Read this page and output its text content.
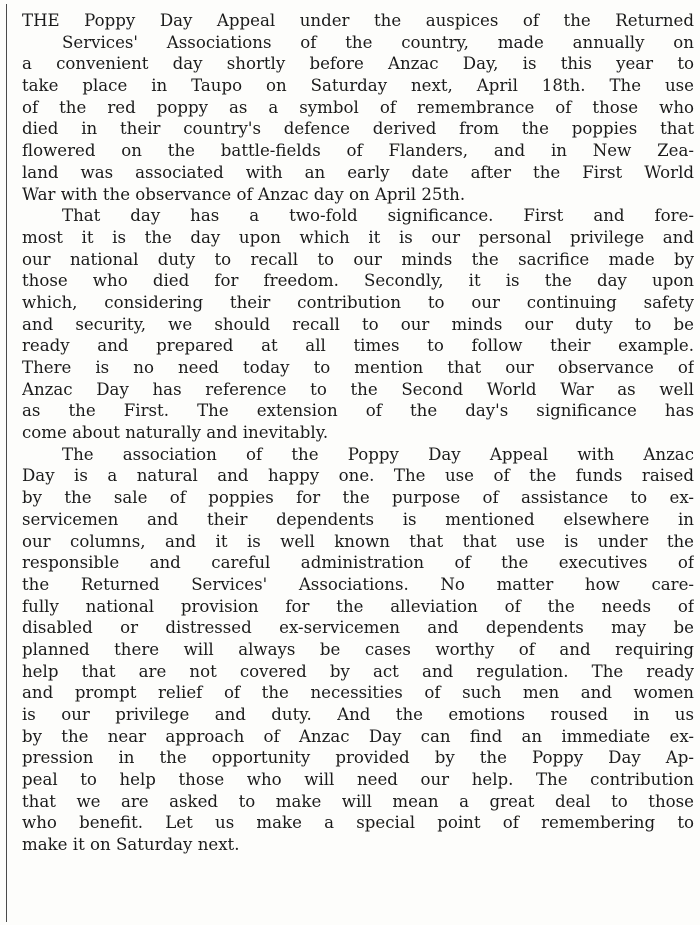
THE Poppy Day Appeal under the auspices of the Returned
Services' Associations of the country, made annually on
a convenient day shortly before Anzac Day, is this year to
take place in Taupo on Saturday next, April 18th. The use
of the red poppy as a symbol of remembrance of those who
died in their country's defence derived from the poppies that
flowered on the battle-fields of Flanders, and in New Zea-
land was associated with an early date after the First World
War with the observance of Anzac day on April 25th.
That day has a two-fold significance. First and fore-
most it is the day upon which it is our personal privilege and
our national duty to recall to our minds the sacrifice made by
those who died for freedom. Secondly, it is the day upon
which, considering their contribution to our continuing safety
and security, we should recall to our minds our duty to be
ready and prepared at all times to follow their example.
There is no need today to mention that our observance of
Anzac Day has reference to the Second World War as well
as the First. The extension of the day's significance has
come about naturally and inevitably.
The association of the Poppy Day Appeal with Anzac
Day is a natural and happy one. The use of the funds raised
by the sale of poppies for the purpose of assistance to ex-
servicemen and their dependents is mentioned elsewhere in
our columns, and it is well known that that use is under the
responsible and careful administration of the executives of
the Returned Services' Associations. No matter how care-
fully national provision for the alleviation of the needs of
disabled or distressed ex-servicemen and dependents may be
planned there will always be cases worthy of and requiring
help that are not covered by act and regulation. The ready
and prompt relief of the necessities of such men and women
is our privilege and duty. And the emotions roused in us
by the near approach of Anzac Day can find an immediate ex-
pression in the opportunity provided by the Poppy Day Ap-
peal to help those who will need our help. The contribution
that we are asked to make will mean a great deal to those
who benefit. Let us make a special point of remembering to
make it on Saturday next.
